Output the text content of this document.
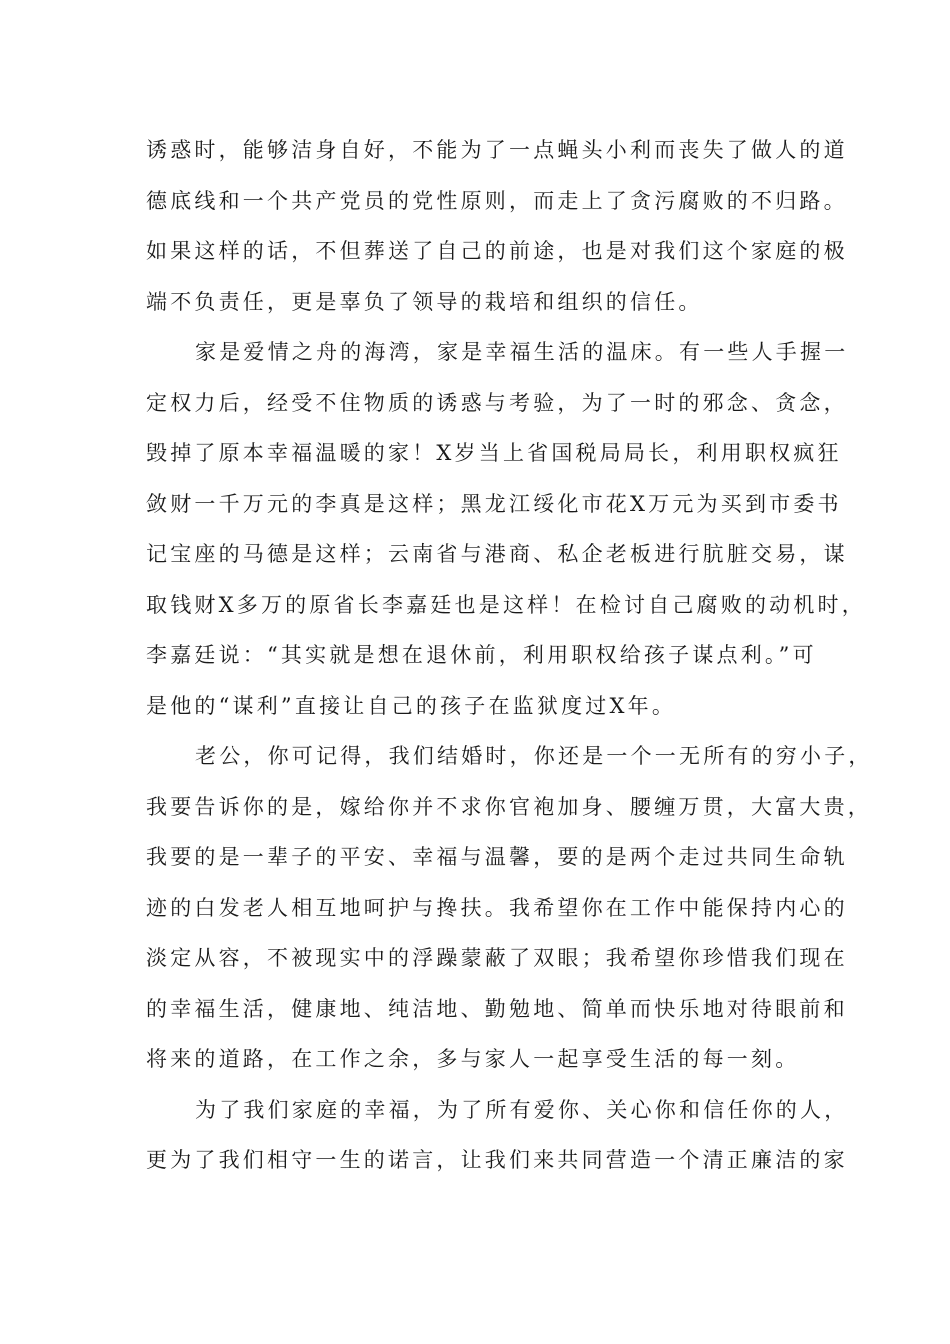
诱惑时，能够洁身自好，不能为了一点蝇头小利而丧失了做人的道
德底线和一个共产党员的党性原则，而走上了贪污腐败的不归路。
如果这样的话，不但葬送了自己的前途，也是对我们这个家庭的极
端不负责任，更是辜负了领导的栽培和组织的信任。
家是爱情之舟的海湾，家是幸福生活的温床。有一些人手握一
定权力后，经受不住物质的诱惑与考验，为了一时的邪念、贪念，
毁掉了原本幸福温暖的家！X岁当上省国税局局长，利用职权疯狂
敛财一千万元的李真是这样；黑龙江绥化市花X万元为买到市委书
记宝座的马德是这样；云南省与港商、私企老板进行肮脏交易，谋
取钱财X多万的原省长李嘉廷也是这样！在检讨自己腐败的动机时，
李嘉廷说：“其实就是想在退休前，利用职权给孩子谋点利。”可
是他的“谋利”直接让自己的孩子在监狱度过X年。
老公，你可记得，我们结婚时，你还是一个一无所有的穷小子，
我要告诉你的是，嫁给你并不求你官袍加身、腰缠万贯，大富大贵，
我要的是一辈子的平安、幸福与温馨，要的是两个走过共同生命轨
迹的白发老人相互地呵护与搀扶。我希望你在工作中能保持内心的
淡定从容，不被现实中的浮躁蒙蔽了双眼；我希望你珍惜我们现在
的幸福生活，健康地、纯洁地、勤勉地、简单而快乐地对待眼前和
将来的道路，在工作之余，多与家人一起享受生活的每一刻。
为了我们家庭的幸福，为了所有爱你、关心你和信任你的人，
更为了我们相守一生的诺言，让我们来共同营造一个清正廉洁的家
